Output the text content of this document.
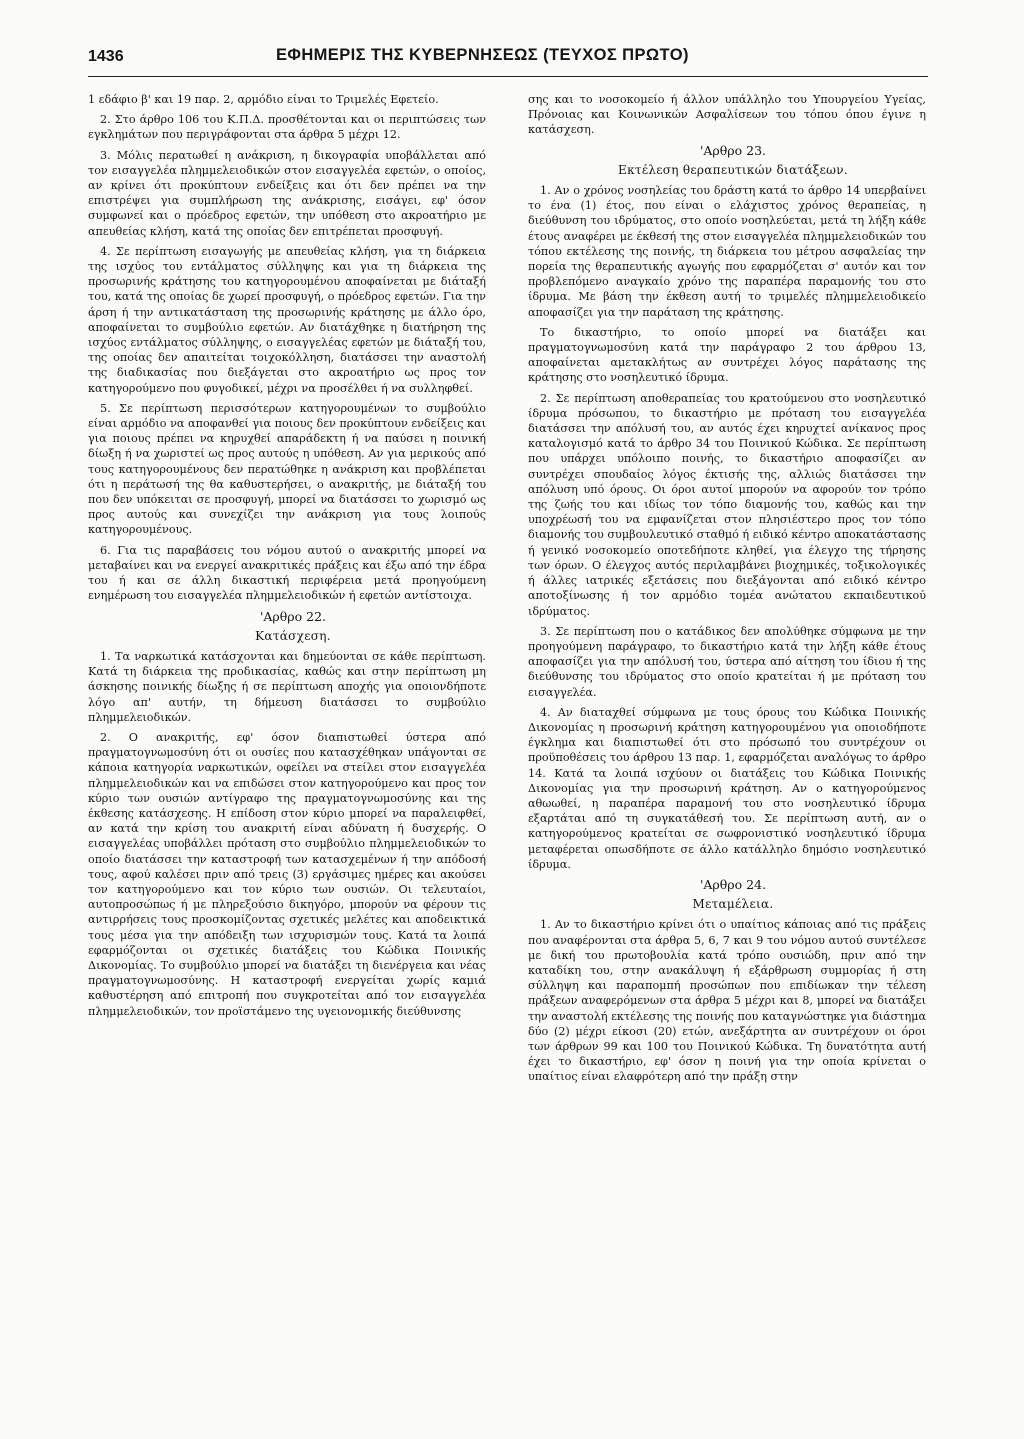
1436	ΕΦΗΜΕΡΙΣ ΤΗΣ ΚΥΒΕΡΝΗΣΕΩΣ (ΤΕΥΧΟΣ ΠΡΩΤΟ)

1 εδάφιο β' και 19 παρ. 2, αρμόδιο είναι το Τριμελές Εφετείο.

2. Στο άρθρο 106 του Κ.Π.Δ. προσθέτονται και οι περιπτώσεις των εγκλημάτων που περιγράφονται στα άρθρα 5 μέχρι 12.

3. Μόλις περατωθεί η ανάκριση, η δικογραφία υποβάλλεται από τον εισαγγελέα πλημμελειοδικών στον εισαγγελέα εφετών, ο οποίος, αν κρίνει ότι προκύπτουν ενδείξεις και ότι δεν πρέπει να την επιστρέψει για συμπλήρωση της ανάκρισης, εισάγει, εφ' όσον συμφωνεί και ο πρόεδρος εφετών, την υπόθεση στο ακροατήριο με απευθείας κλήση, κατά της οποίας δεν επιτρέπεται προσφυγή.

4. Σε περίπτωση εισαγωγής με απευθείας κλήση, για τη διάρκεια της ισχύος του εντάλματος σύλληψης και για τη διάρκεια της προσωρινής κράτησης του κατηγορουμένου αποφαίνεται με διάταξή του, κατά της οποίας δε χωρεί προσφυγή, ο πρόεδρος εφετών. Για την άρση ή την αντικατάσταση της προσωρινής κράτησης με άλλο όρο, αποφαίνεται το συμβούλιο εφετών. Αν διατάχθηκε η διατήρηση της ισχύος εντάλματος σύλληψης, ο εισαγγελέας εφετών με διάταξή του, της οποίας δεν απαιτείται τοιχοκόλληση, διατάσσει την αναστολή της διαδικασίας που διεξάγεται στο ακροατήριο ως προς τον κατηγορούμενο που φυγοδικεί, μέχρι να προσέλθει ή να συλληφθεί.

5. Σε περίπτωση περισσότερων κατηγορουμένων το συμβούλιο είναι αρμόδιο να αποφανθεί για ποιους δεν προκύπτουν ενδείξεις και για ποιους πρέπει να κηρυχθεί απαράδεκτη ή να παύσει η ποινική δίωξη ή να χωριστεί ως προς αυτούς η υπόθεση. Αν για μερικούς από τους κατηγορουμένους δεν περατώθηκε η ανάκριση και προβλέπεται ότι η περάτωσή της θα καθυστερήσει, ο ανακριτής, με διάταξή του που δεν υπόκειται σε προσφυγή, μπορεί να διατάσσει το χωρισμό ως προς αυτούς και συνεχίζει την ανάκριση για τους λοιπούς κατηγορουμένους.

6. Για τις παραβάσεις του νόμου αυτού ο ανακριτής μπορεί να μεταβαίνει και να ενεργεί ανακριτικές πράξεις και έξω από την έδρα του ή και σε άλλη δικαστική περιφέρεια μετά προηγούμενη ενημέρωση του εισαγγελέα πλημμελειοδικών ή εφετών αντίστοιχα.

'Αρθρο 22.

Κατάσχεση.

1. Τα ναρκωτικά κατάσχονται και δημεύονται σε κάθε περίπτωση. Κατά τη διάρκεια της προδικασίας, καθώς και στην περίπτωση μη άσκησης ποινικής δίωξης ή σε περίπτωση αποχής για οποιονδήποτε λόγο απ' αυτήν, τη δήμευση διατάσσει το συμβούλιο πλημμελειοδικών.

2. Ο ανακριτής, εφ' όσον διαπιστωθεί ύστερα από πραγματογνωμοσύνη ότι οι ουσίες που κατασχέθηκαν υπάγονται σε κάποια κατηγορία ναρκωτικών, οφείλει να στείλει στον εισαγγελέα πλημμελειοδικών και να επιδώσει στον κατηγορούμενο και προς τον κύριο των ουσιών αντίγραφο της πραγματογνωμοσύνης και της έκθεσης κατάσχεσης. Η επίδοση στον κύριο μπορεί να παραλειφθεί, αν κατά την κρίση του ανακριτή είναι αδύνατη ή δυσχερής. Ο εισαγγελέας υποβάλλει πρόταση στο συμβούλιο πλημμελειοδικών το οποίο διατάσσει την καταστροφή των κατασχεμένων ή την απόδοσή τους, αφού καλέσει πριν από τρεις (3) εργάσιμες ημέρες και ακούσει τον κατηγορούμενο και τον κύριο των ουσιών. Οι τελευταίοι, αυτοπροσώπως ή με πληρεξούσιο δικηγόρο, μπορούν να φέρουν τις αντιρρήσεις τους προσκομίζοντας σχετικές μελέτες και αποδεικτικά τους μέσα για την απόδειξη των ισχυρισμών τους. Κατά τα λοιπά εφαρμόζονται οι σχετικές διατάξεις του Κώδικα Ποινικής Δικονομίας. Το συμβούλιο μπορεί να διατάξει τη διενέργεια και νέας πραγματογνωμοσύνης. Η καταστροφή ενεργείται χωρίς καμιά καθυστέρηση από επιτροπή που συγκροτείται από τον εισαγγελέα πλημμελειοδικών, τον προϊστάμενο της υγειονομικής διεύθυνσης

σης και το νοσοκομείο ή άλλον υπάλληλο του Υπουργείου Υγείας, Πρόνοιας και Κοινωνικών Ασφαλίσεων του τόπου όπου έγινε η κατάσχεση.

'Αρθρο 23.

Εκτέλεση θεραπευτικών διατάξεων.

1. Αν ο χρόνος νοσηλείας του δράστη κατά το άρθρο 14 υπερβαίνει το ένα (1) έτος, που είναι ο ελάχιστος χρόνος θεραπείας, η διεύθυνση του ιδρύματος, στο οποίο νοσηλεύεται, μετά τη λήξη κάθε έτους αναφέρει με έκθεσή της στον εισαγγελέα πλημμελειοδικών του τόπου εκτέλεσης της ποινής, τη διάρκεια του μέτρου ασφαλείας την πορεία της θεραπευτικής αγωγής που εφαρμόζεται σ' αυτόν και τον προβλεπόμενο αναγκαίο χρόνο της παραπέρα παραμονής του στο ίδρυμα. Με βάση την έκθεση αυτή το τριμελές πλημμελειοδικείο αποφασίζει για την παράταση της κράτησης.

Το δικαστήριο, το οποίο μπορεί να διατάξει και πραγματογνωμοσύνη κατά την παράγραφο 2 του άρθρου 13, αποφαίνεται αμετακλήτως αν συντρέχει λόγος παράτασης της κράτησης στο νοσηλευτικό ίδρυμα.

2. Σε περίπτωση αποθεραπείας του κρατούμενου στο νοσηλευτικό ίδρυμα πρόσωπου, το δικαστήριο με πρόταση του εισαγγελέα διατάσσει την απόλυσή του, αν αυτός έχει κηρυχτεί ανίκανος προς καταλογισμό κατά το άρθρο 34 του Ποινικού Κώδικα. Σε περίπτωση που υπάρχει υπόλοιπο ποινής, το δικαστήριο αποφασίζει αν συντρέχει σπουδαίος λόγος έκτισής της, αλλιώς διατάσσει την απόλυση υπό όρους. Οι όροι αυτοί μπορούν να αφορούν τον τρόπο της ζωής του και ιδίως τον τόπο διαμονής του, καθώς και την υποχρέωσή του να εμφανίζεται στον πλησιέστερο προς τον τόπο διαμονής του συμβουλευτικό σταθμό ή ειδικό κέντρο αποκατάστασης ή γενικό νοσοκομείο οποτεδήποτε κληθεί, για έλεγχο της τήρησης των όρων. Ο έλεγχος αυτός περιλαμβάνει βιοχημικές, τοξικολογικές ή άλλες ιατρικές εξετάσεις που διεξάγονται από ειδικό κέντρο αποτοξίνωσης ή τον αρμόδιο τομέα ανώτατου εκπαιδευτικού ιδρύματος.

3. Σε περίπτωση που ο κατάδικος δεν απολύθηκε σύμφωνα με την προηγούμενη παράγραφο, το δικαστήριο κατά την λήξη κάθε έτους αποφασίζει για την απόλυσή του, ύστερα από αίτηση του ίδιου ή της διεύθυνσης του ιδρύματος στο οποίο κρατείται ή με πρόταση του εισαγγελέα.

4. Αν διαταχθεί σύμφωνα με τους όρους του Κώδικα Ποινικής Δικονομίας η προσωρινή κράτηση κατηγορουμένου για οποιοδήποτε έγκλημα και διαπιστωθεί ότι στο πρόσωπό του συντρέχουν οι προϋποθέσεις του άρθρου 13 παρ. 1, εφαρμόζεται αναλόγως το άρθρο 14. Κατά τα λοιπά ισχύουν οι διατάξεις του Κώδικα Ποινικής Δικονομίας για την προσωρινή κράτηση. Αν ο κατηγορούμενος αθωωθεί, η παραπέρα παραμονή του στο νοσηλευτικό ίδρυμα εξαρτάται από τη συγκατάθεσή του. Σε περίπτωση αυτή, αν ο κατηγορούμενος κρατείται σε σωφρονιστικό νοσηλευτικό ίδρυμα μεταφέρεται οπωσδήποτε σε άλλο κατάλληλο δημόσιο νοσηλευτικό ίδρυμα.

'Αρθρο 24.

Μεταμέλεια.

1. Αν το δικαστήριο κρίνει ότι ο υπαίτιος κάποιας από τις πράξεις που αναφέρονται στα άρθρα 5, 6, 7 και 9 του νόμου αυτού συντέλεσε με δική του πρωτοβουλία κατά τρόπο ουσιώδη, πριν από την καταδίκη του, στην ανακάλυψη ή εξάρθρωση συμμορίας ή στη σύλληψη και παραπομπή προσώπων που επιδίωκαν την τέλεση πράξεων αναφερόμενων στα άρθρα 5 μέχρι και 8, μπορεί να διατάξει την αναστολή εκτέλεσης της ποινής που καταγνώστηκε για διάστημα δύο (2) μέχρι είκοσι (20) ετών, ανεξάρτητα αν συντρέχουν οι όροι των άρθρων 99 και 100 του Ποινικού Κώδικα. Τη δυνατότητα αυτή έχει το δικαστήριο, εφ' όσον η ποινή για την οποία κρίνεται ο υπαίτιος είναι ελαφρότερη από την πράξη στην
